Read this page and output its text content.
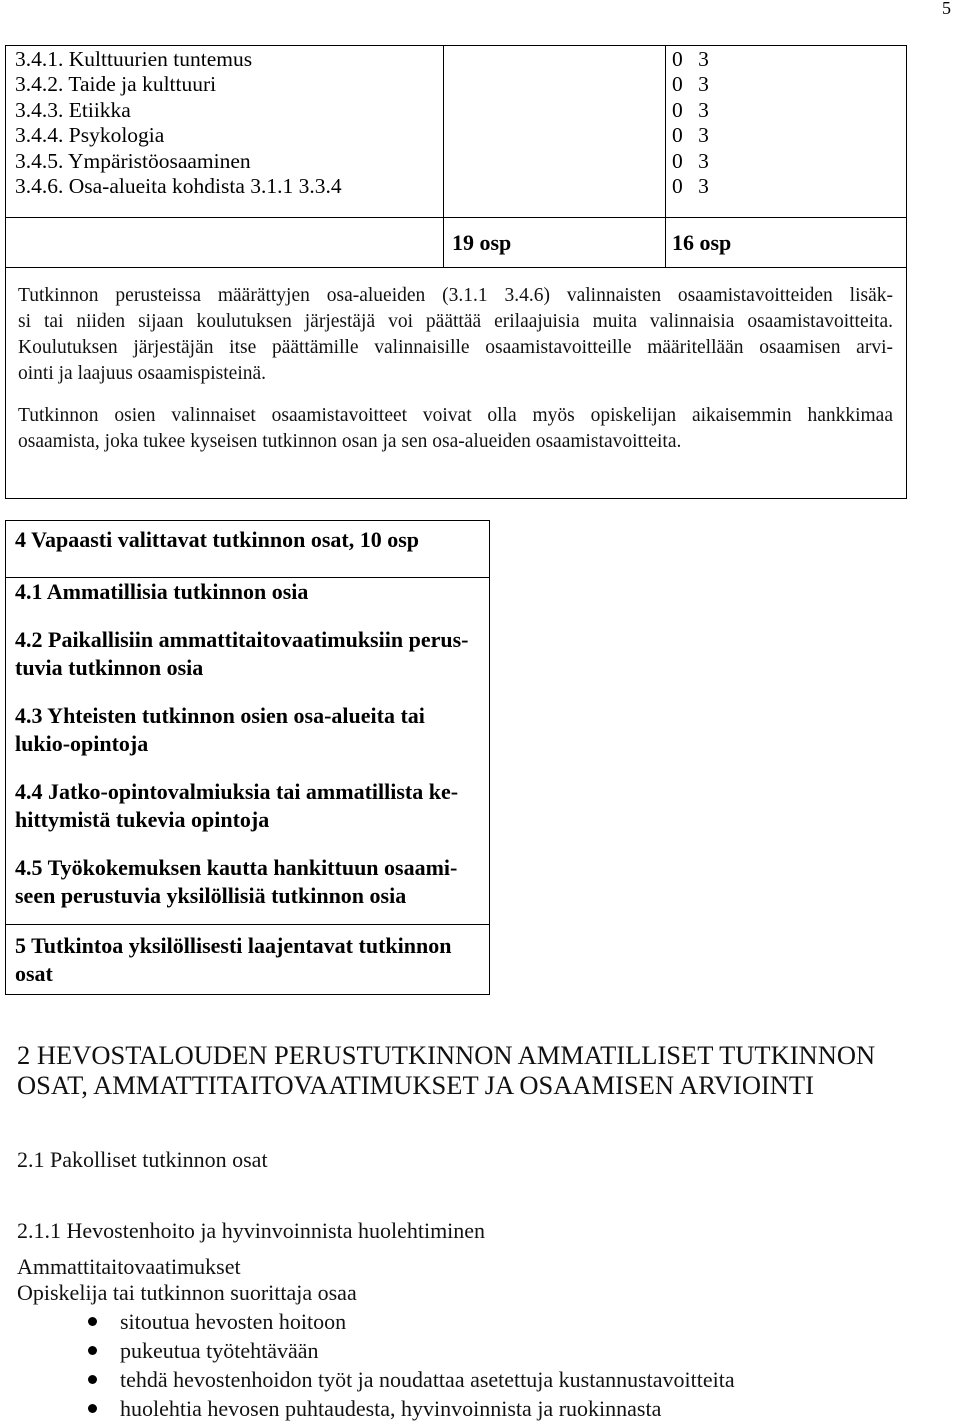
5
3.4.1. Kulttuurien tuntemus
3.4.2. Taide ja kulttuuri
3.4.3. Etiikka
3.4.4. Psykologia
3.4.5. Ympäristöosaaminen
3.4.6. Osa-alueita kohdista 3.1.1 3.3.4
0 3
0 3
0 3
0 3
0 3
0 3
19 osp	16 osp
Tutkinnon perusteissa määrättyjen osa-alueiden (3.1.1 3.4.6) valinnaisten osaamistavoitteiden lisäk-
si tai niiden sijaan koulutuksen järjestäjä voi päättää erilaajuisia muita valinnaisia osaamistavoitteita.
Koulutuksen järjestäjän itse päättämille valinnaisille osaamistavoitteille määritellään osaamisen arvi-
ointi ja laajuus osaamispisteinä.
Tutkinnon osien valinnaiset osaamistavoitteet voivat olla myös opiskelijan aikaisemmin hankkimaa
osaamista, joka tukee kyseisen tutkinnon osan ja sen osa-alueiden osaamistavoitteita.
4 Vapaasti valittavat tutkinnon osat, 10 osp
4.1 Ammatillisia tutkinnon osia
4.2 Paikallisiin ammattitaitovaatimuksiin perus-
tuvia tutkinnon osia
4.3 Yhteisten tutkinnon osien osa-alueita tai
lukio-opintoja
4.4 Jatko-opintovalmiuksia tai ammatillista ke-
hittymistä tukevia opintoja
4.5 Työkokemuksen kautta hankittuun osaami-
seen perustuvia yksilöllisiä tutkinnon osia
5 Tutkintoa yksilöllisesti laajentavat tutkinnon
osat
2 HEVOSTALOUDEN PERUSTUTKINNON AMMATILLISET TUTKINNON
OSAT, AMMATTITAITOVAATIMUKSET JA OSAAMISEN ARVIOINTI
2.1 Pakolliset tutkinnon osat
2.1.1 Hevostenhoito ja hyvinvoinnista huolehtiminen
Ammattitaitovaatimukset
Opiskelija tai tutkinnon suorittaja osaa
sitoutua hevosten hoitoon
pukeutua työtehtävään
tehdä hevostenhoidon työt ja noudattaa asetettuja kustannustavoitteita
huolehtia hevosen puhtaudesta, hyvinvoinnista ja ruokinnasta
